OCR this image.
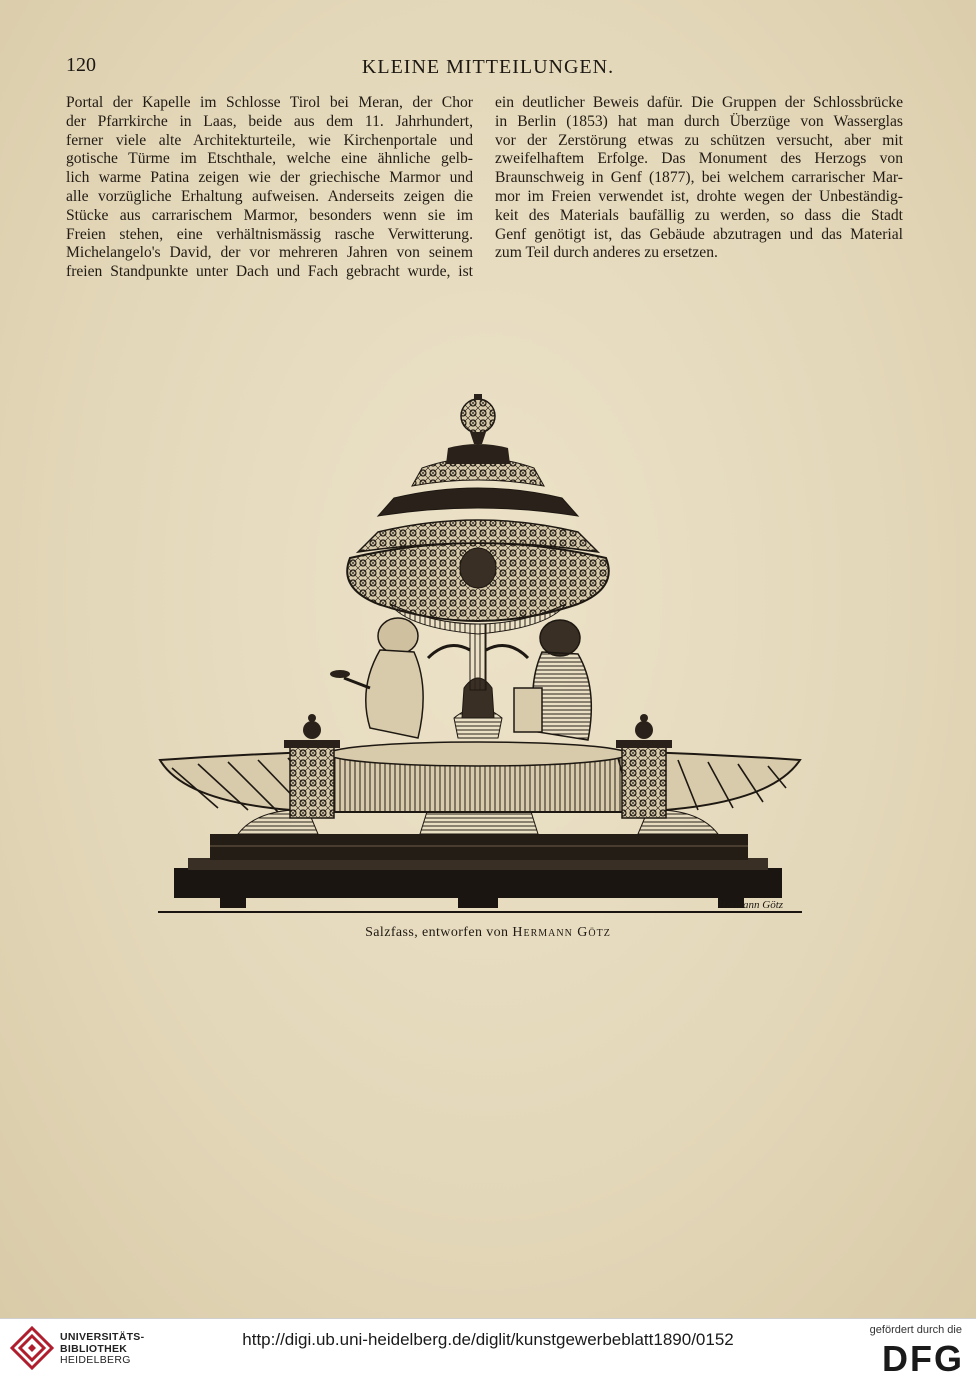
120	KLEINE MITTEILUNGEN.
Portal der Kapelle im Schlosse Tirol bei Meran, der Chor
der Pfarrkirche in Laas, beide aus dem 11. Jahrhundert,
ferner viele alte Architekturteile, wie Kirchenportale und
gotische Türme im Etschthale, welche eine ähnliche gelb-
lich warme Patina zeigen wie der griechische Marmor und
alle vorzügliche Erhaltung aufweisen. Anderseits zeigen die
Stücke aus carrarischem Marmor, besonders wenn sie im
Freien stehen, eine verhältnismässig rasche Verwitterung.
Michelangelo's David, der vor mehreren Jahren von seinem
freien Standpunkte unter Dach und Fach gebracht wurde, ist
ein deutlicher Beweis dafür. Die Gruppen der Schlossbrücke
in Berlin (1853) hat man durch Überzüge von Wasserglas
vor der Zerstörung etwas zu schützen versucht, aber mit
zweifelhaftem Erfolge. Das Monument des Herzogs von
Braunschweig in Genf (1877), bei welchem carrarischer Mar-
mor im Freien verwendet ist, drohte wegen der Unbeständig-
keit des Materials baufällig zu werden, so dass die Stadt
Genf genötigt ist, das Gebäude abzutragen und das Material
zum Teil durch anderes zu ersetzen.
Hermann Götz
Salzfass, entworfen von Hermann Götz
UNIVERSITÄTS-
BIBLIOTHEK
HEIDELBERG
http://digi.ub.uni-heidelberg.de/diglit/kunstgewerbeblatt1890/0152	gefördert durch die
DFG
